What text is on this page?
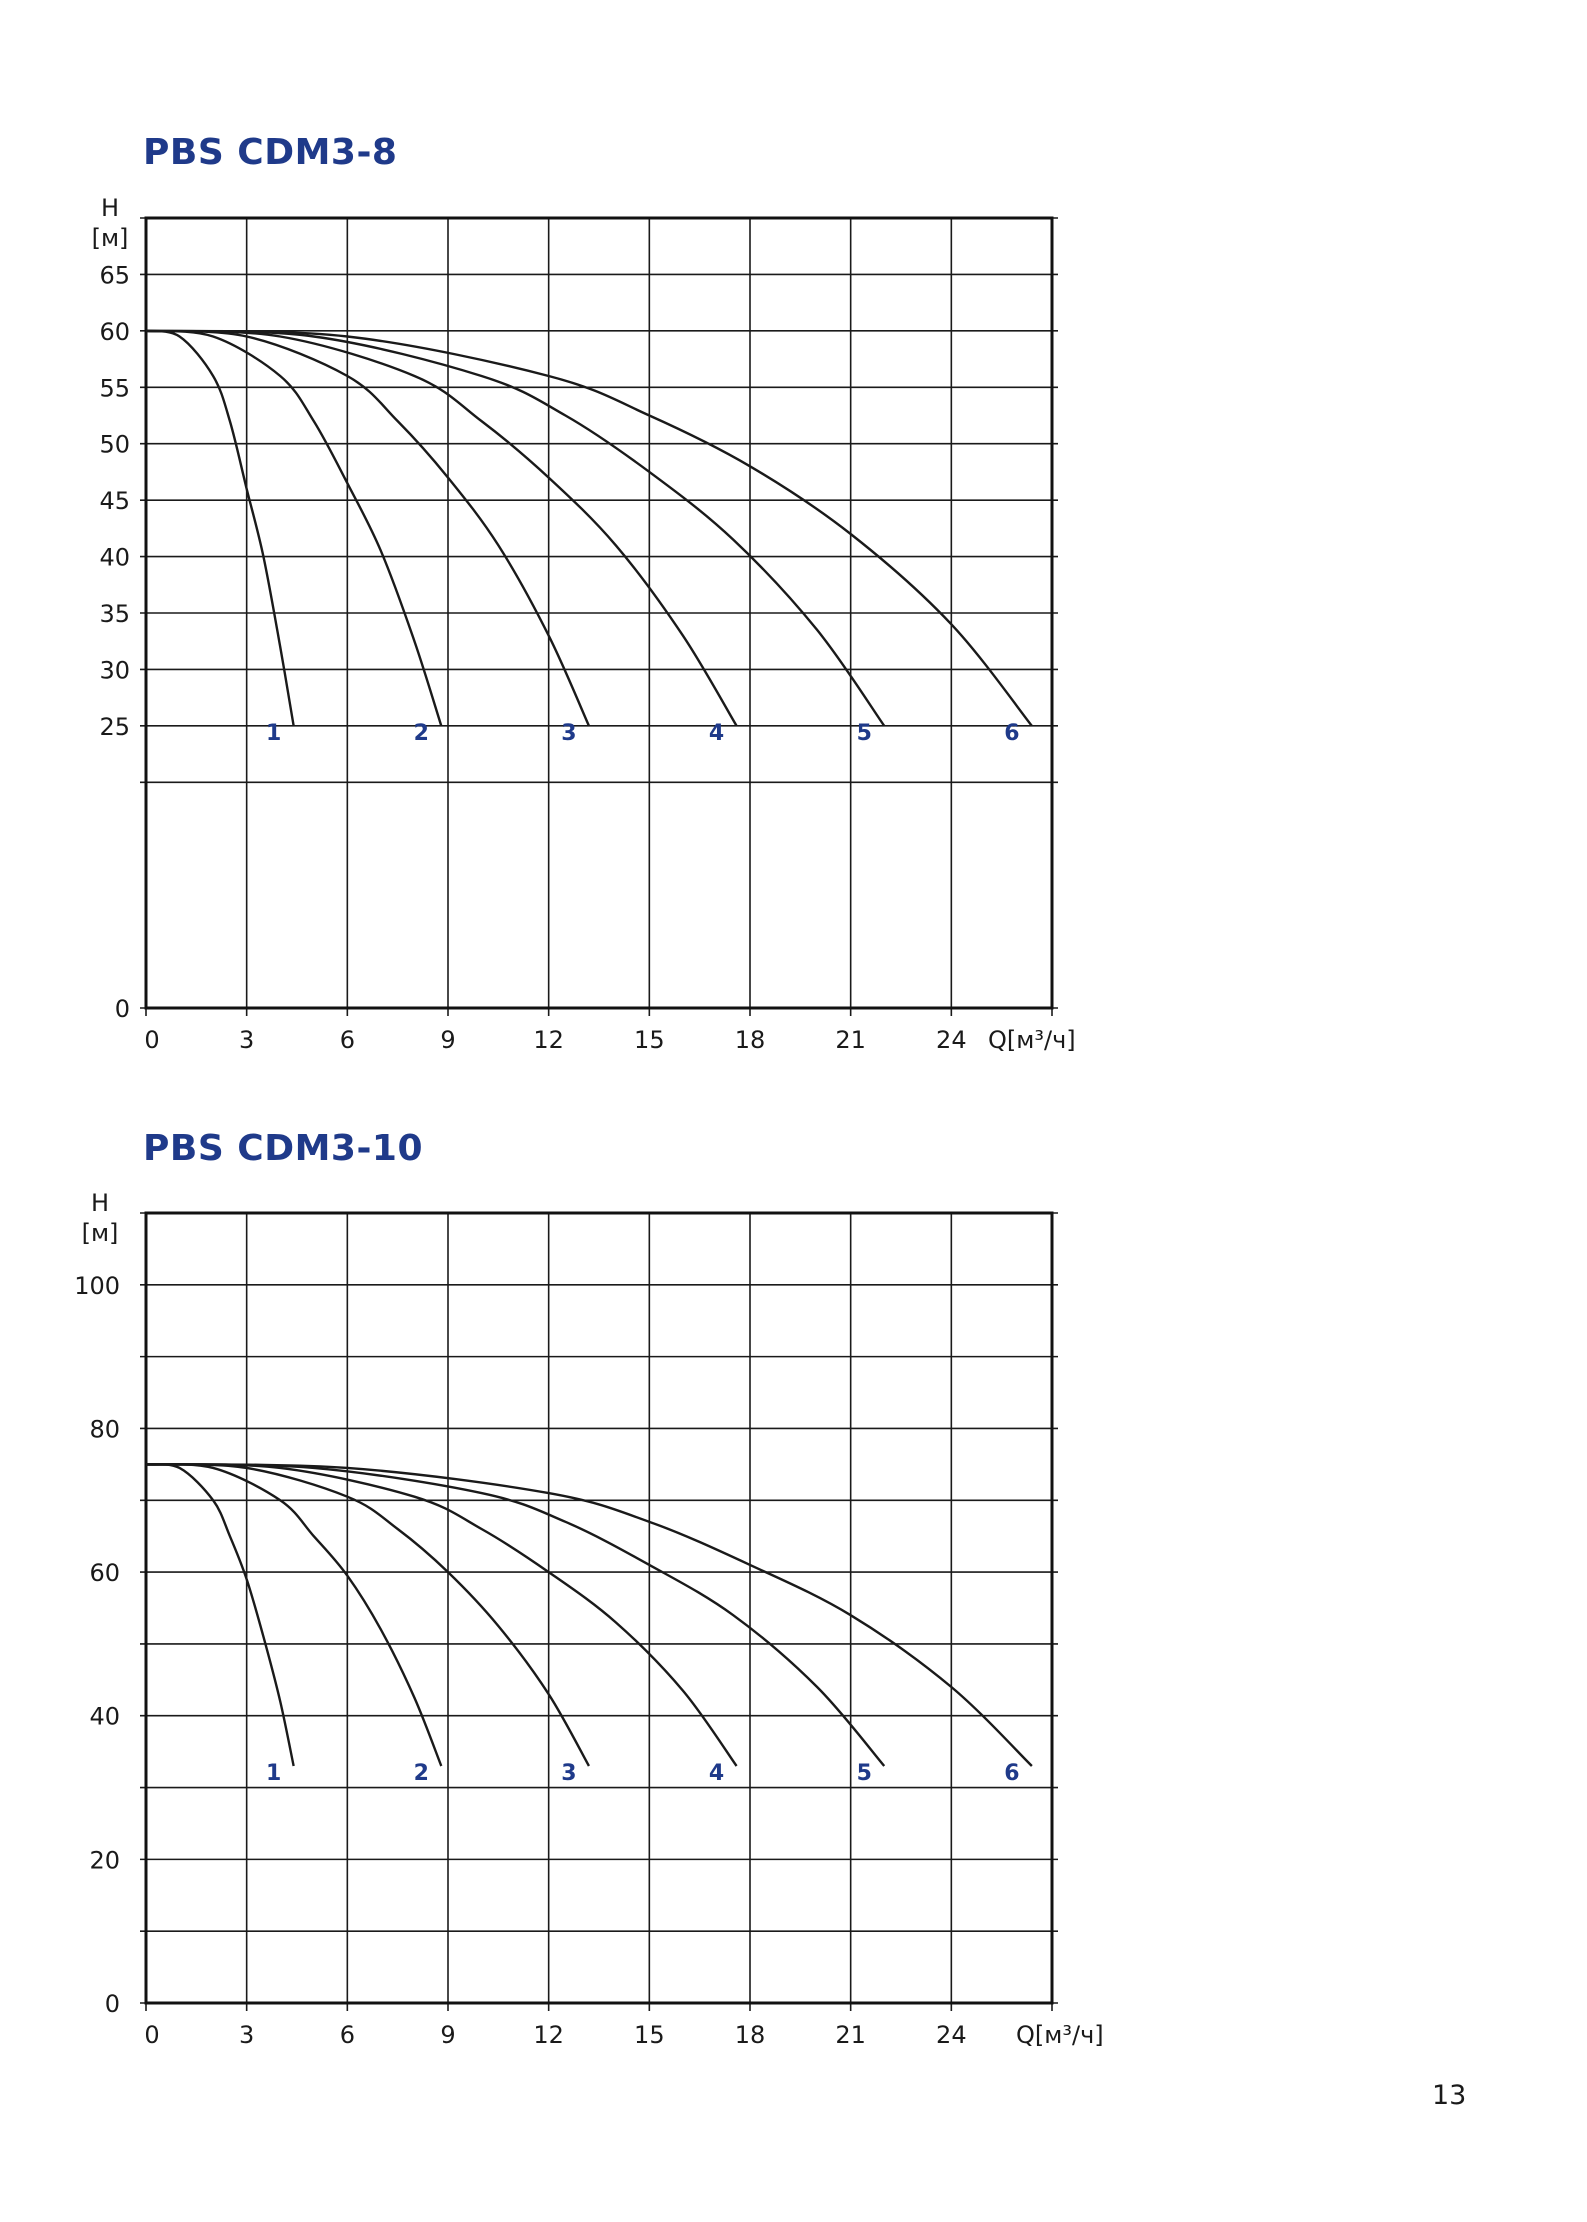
PBS CDM3-8
H
[м]
0
25
30
35
40
45
50
55
60
65
0	3	6	9	12	15	18	21	24 Q[м³/ч]
1	2	3	4	5	6
PBS CDM3-10
H
[м]
0
20
40
60
80
100
0	3	6	9	12	15	18	21	24 Q[м³/ч]
1	2	3	4	5	6
13
